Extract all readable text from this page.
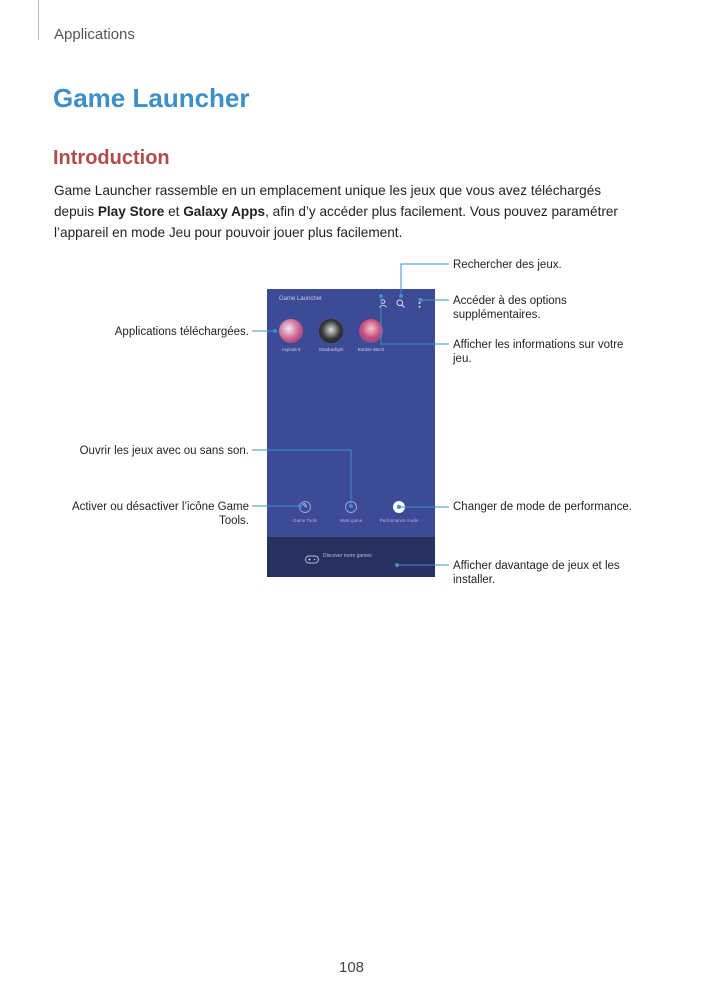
Applications
Game Launcher
Introduction
Game Launcher rassemble en un emplacement unique les jeux que vous avez téléchargés depuis Play Store et Galaxy Apps, afin d’y accéder plus facilement. Vous pouvez paramétrer l’appareil en mode Jeu pour pouvoir jouer plus facilement.
Game Launcher
Asphalt 9	Shadowfight	Bubble Witch
✎
Game Tools	Mute game	Performance mode
Discover more games
Rechercher des jeux.
Accéder à des options supplémentaires.
Afficher les informations sur votre jeu.
Applications téléchargées.
Ouvrir les jeux avec ou sans son.
Activer ou désactiver l’icône Game Tools.
Changer de mode de performance.
Afficher davantage de jeux et les installer.
108
